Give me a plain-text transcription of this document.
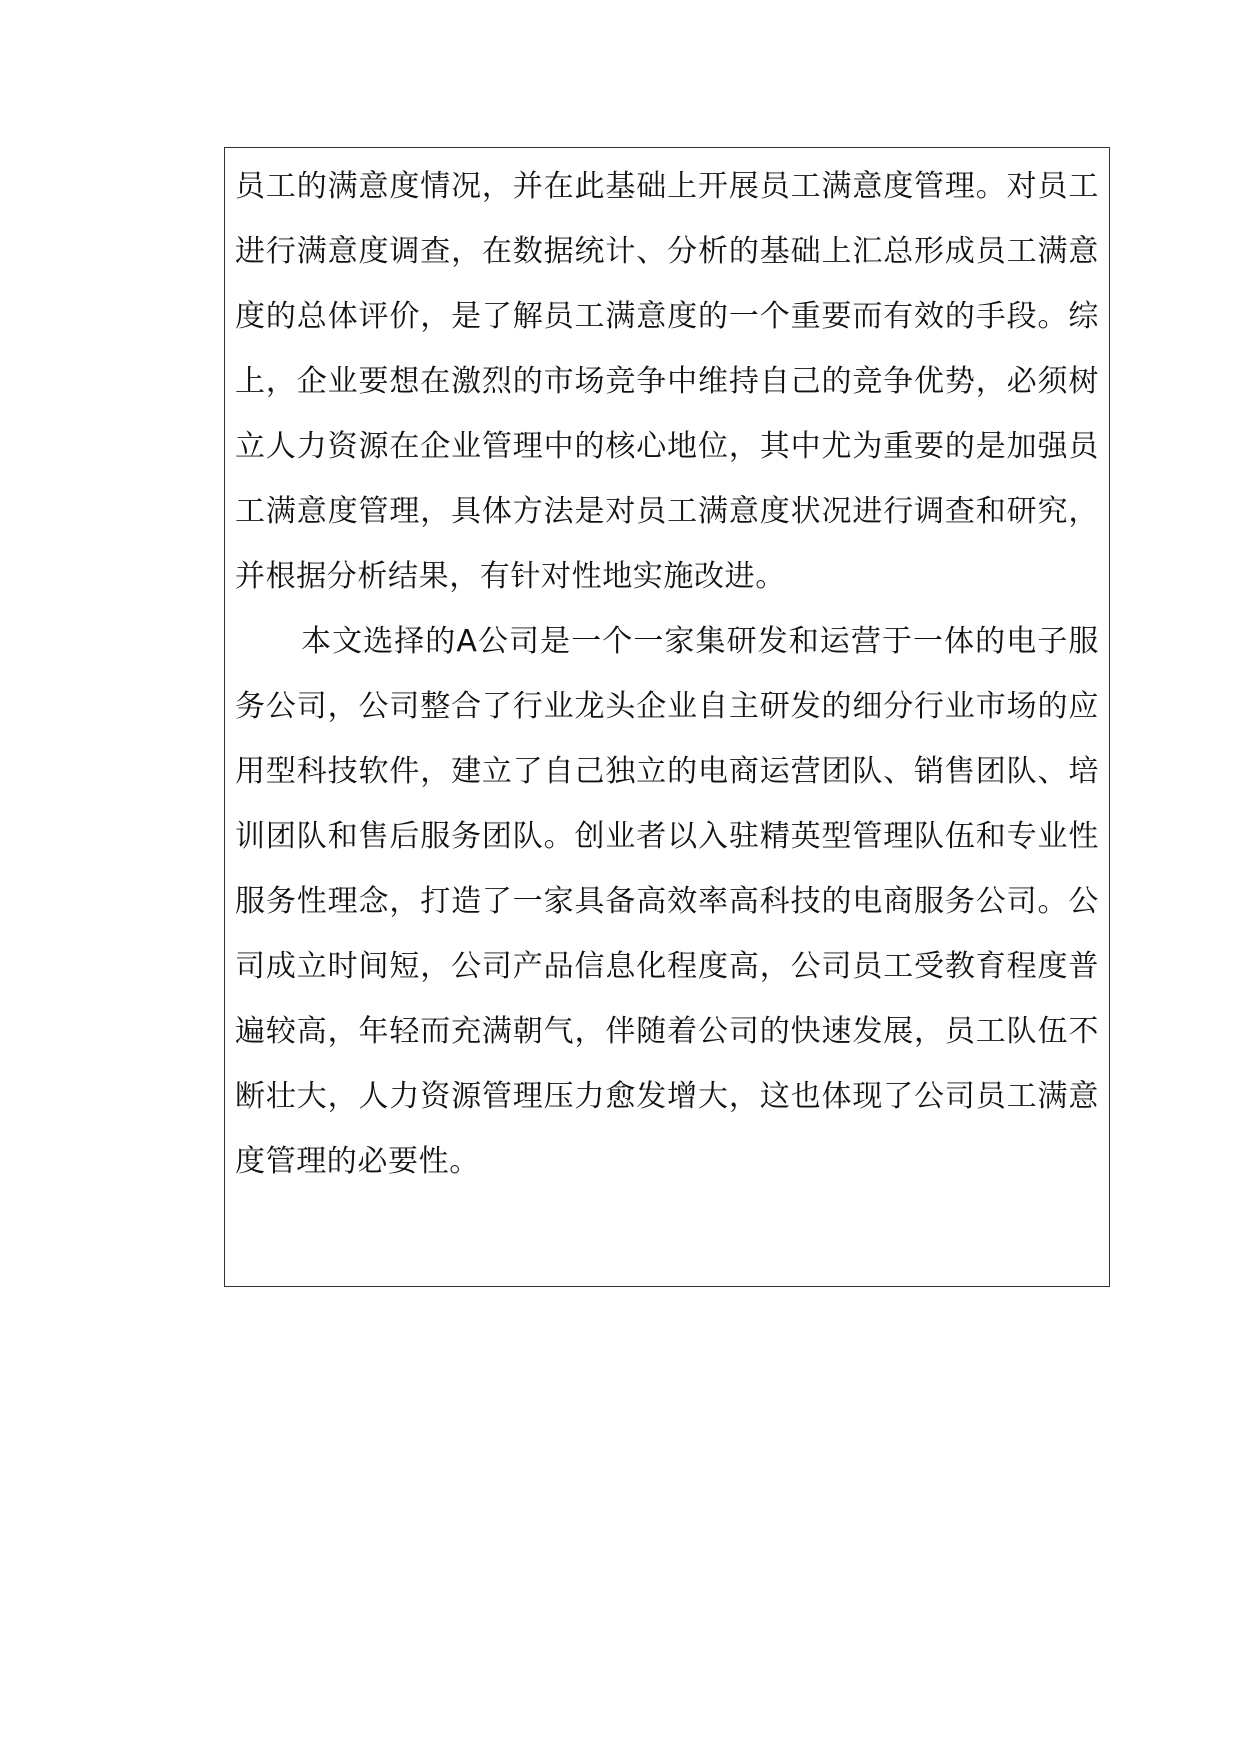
员工的满意度情况，并在此基础上开展员工满意度管理。对员工进行满意度调查，在数据统计、分析的基础上汇总形成员工满意度的总体评价，是了解员工满意度的一个重要而有效的手段。综上，企业要想在激烈的市场竞争中维持自己的竞争优势，必须树立人力资源在企业管理中的核心地位，其中尤为重要的是加强员工满意度管理，具体方法是对员工满意度状况进行调查和研究，并根据分析结果，有针对性地实施改进。

本文选择的A公司是一个一家集研发和运营于一体的电子服务公司，公司整合了行业龙头企业自主研发的细分行业市场的应用型科技软件，建立了自己独立的电商运营团队、销售团队、培训团队和售后服务团队。创业者以入驻精英型管理队伍和专业性服务性理念，打造了一家具备高效率高科技的电商服务公司。公司成立时间短，公司产品信息化程度高，公司员工受教育程度普遍较高，年轻而充满朝气，伴随着公司的快速发展，员工队伍不断壮大，人力资源管理压力愈发增大，这也体现了公司员工满意度管理的必要性。
